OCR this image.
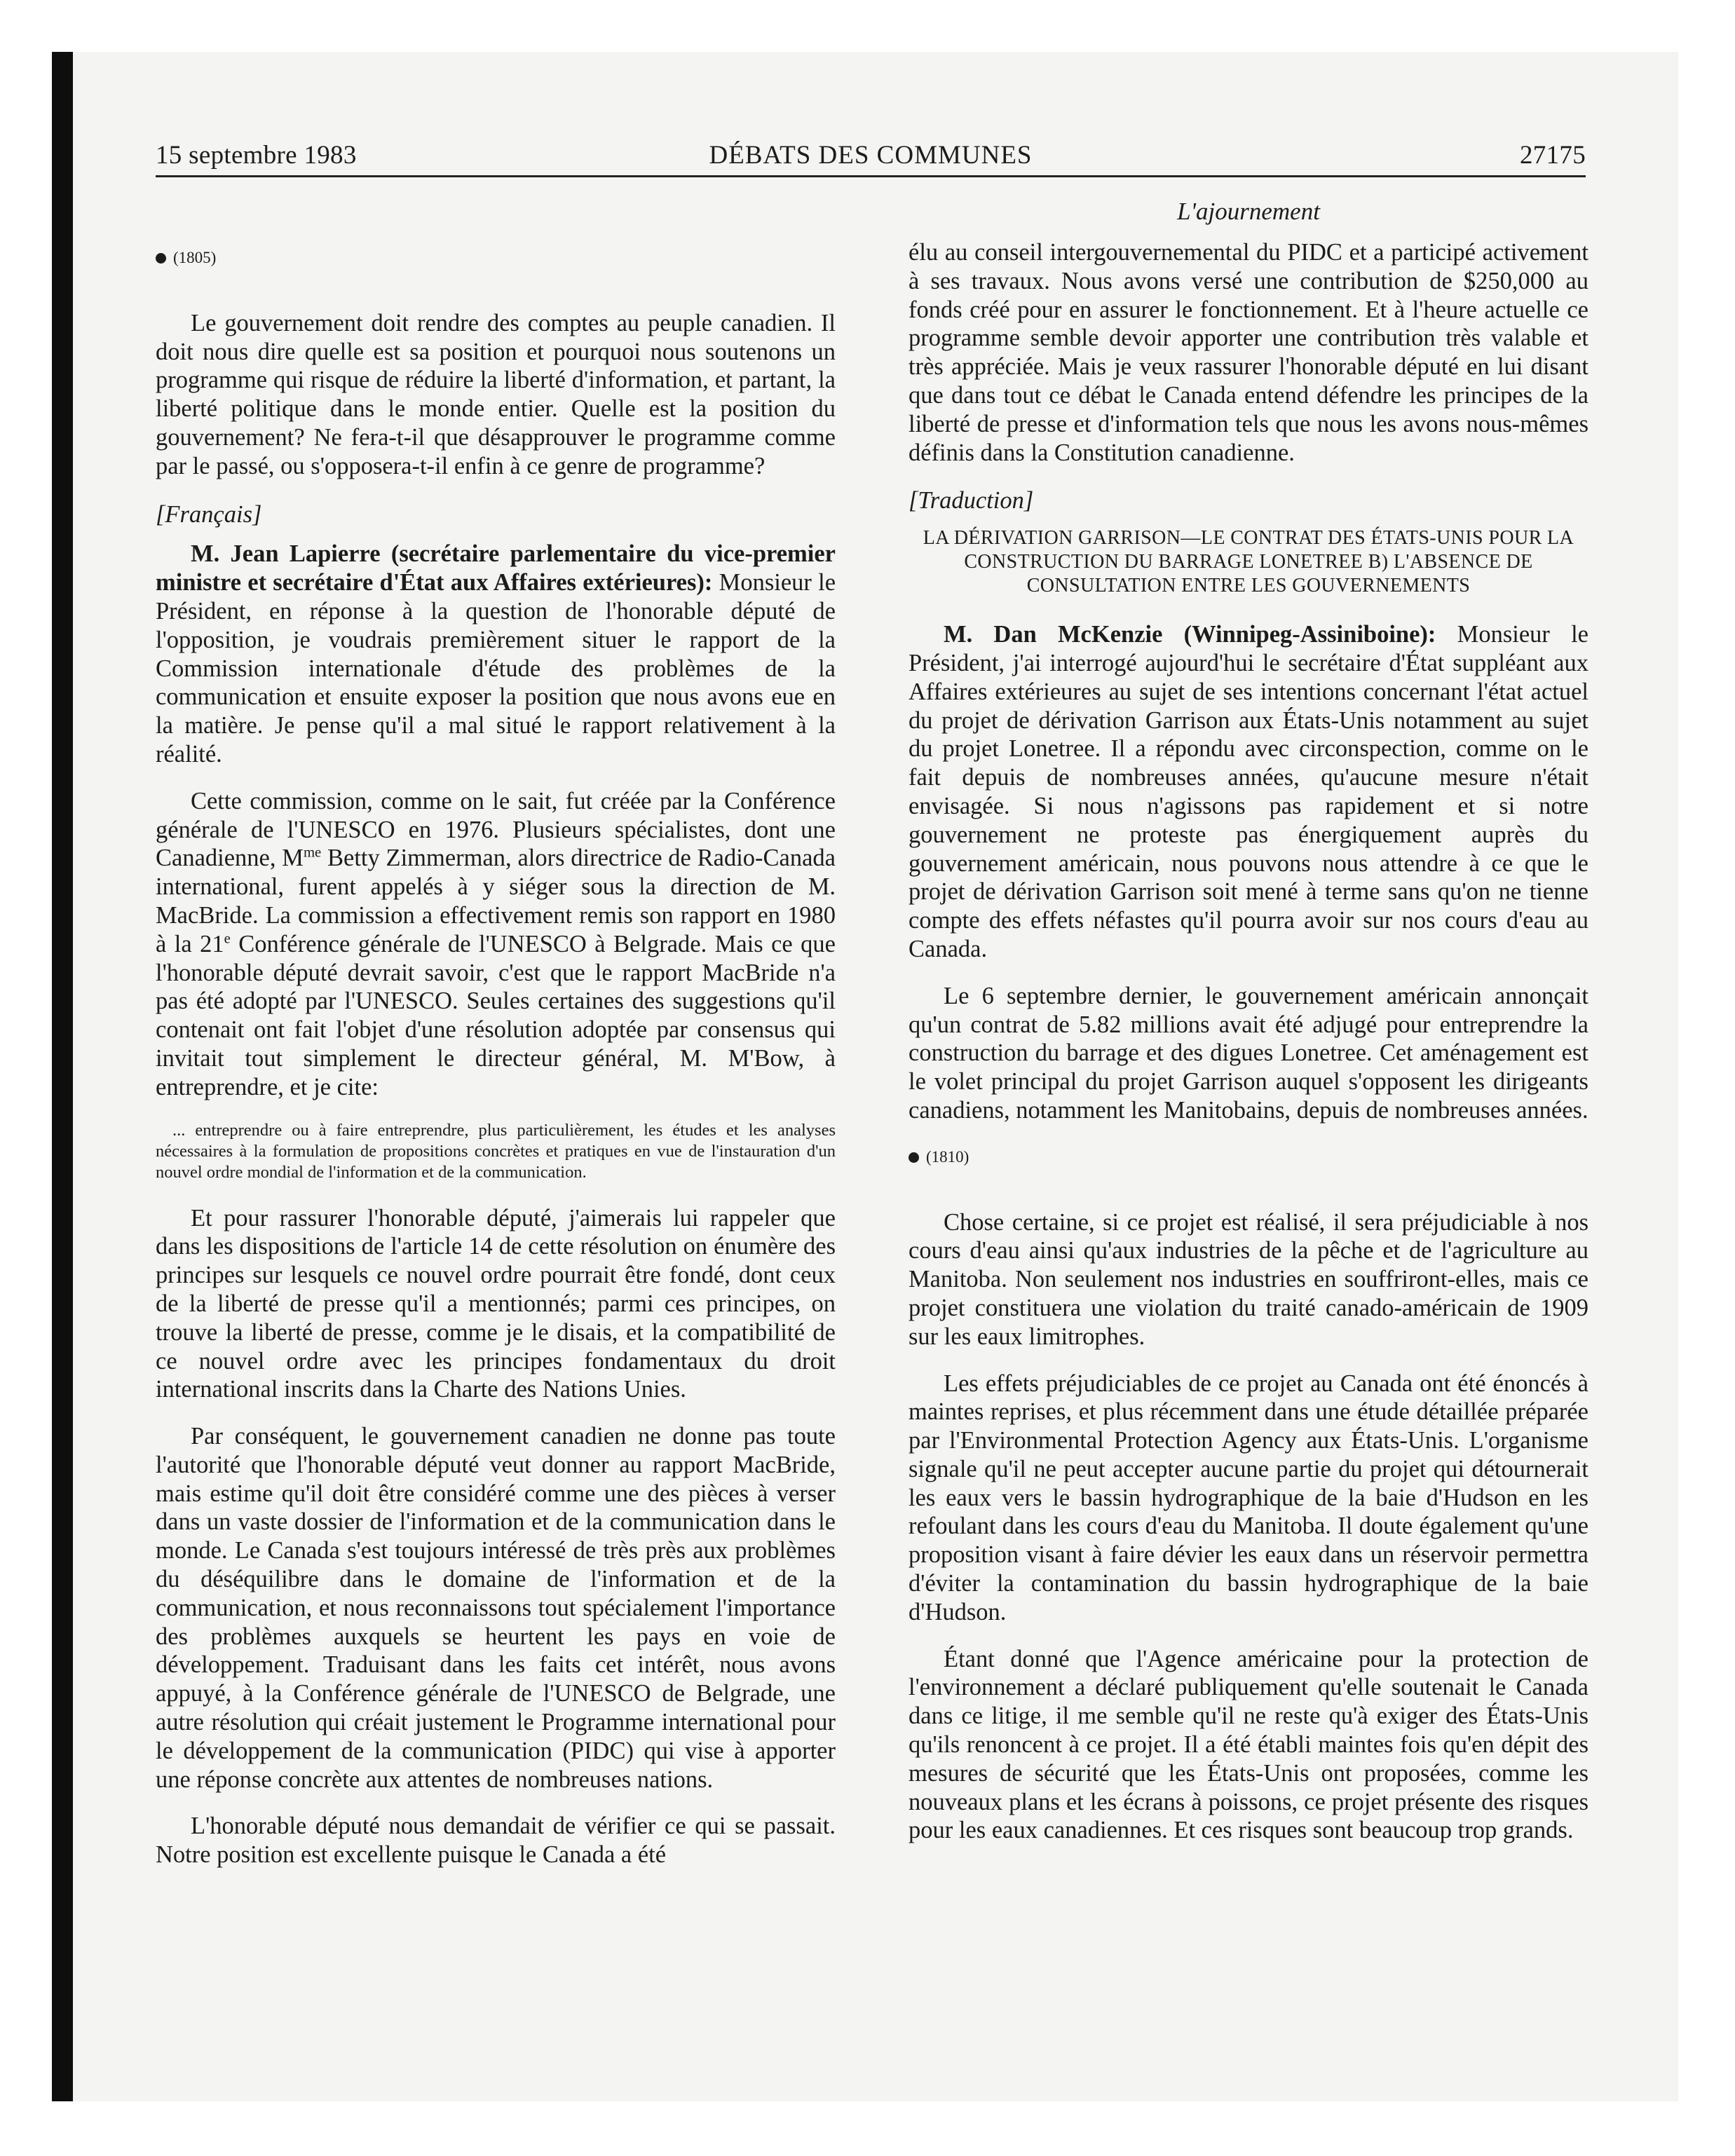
15 septembre 1983	DÉBATS DES COMMUNES	27175
L'ajournement
(1805)

Le gouvernement doit rendre des comptes au peuple canadien. Il doit nous dire quelle est sa position et pourquoi nous soutenons un programme qui risque de réduire la liberté d'information, et partant, la liberté politique dans le monde entier. Quelle est la position du gouvernement? Ne fera-t-il que désapprouver le programme comme par le passé, ou s'opposera-t-il enfin à ce genre de programme?

[Français]

M. Jean Lapierre (secrétaire parlementaire du vice-premier ministre et secrétaire d'État aux Affaires extérieures): Monsieur le Président, en réponse à la question de l'honorable député de l'opposition, je voudrais premièrement situer le rapport de la Commission internationale d'étude des problèmes de la communication et ensuite exposer la position que nous avons eue en la matière. Je pense qu'il a mal situé le rapport relativement à la réalité.

Cette commission, comme on le sait, fut créée par la Conférence générale de l'UNESCO en 1976. Plusieurs spécialistes, dont une Canadienne, $M^{me}$ Betty Zimmerman, alors directrice de Radio-Canada international, furent appelés à y siéger sous la direction de M. MacBride. La commission a effectivement remis son rapport en 1980 à la 21e Conférence générale de l'UNESCO à Belgrade. Mais ce que l'honorable député devrait savoir, c'est que le rapport MacBride n'a pas été adopté par l'UNESCO. Seules certaines des suggestions qu'il contenait ont fait l'objet d'une résolution adoptée par consensus qui invitait tout simplement le directeur général, M. M'Bow, à entreprendre, et je cite:

... entreprendre ou à faire entreprendre, plus particulièrement, les études et les analyses nécessaires à la formulation de propositions concrètes et pratiques en vue de l'instauration d'un nouvel ordre mondial de l'information et de la communication.

Et pour rassurer l'honorable député, j'aimerais lui rappeler que dans les dispositions de l'article 14 de cette résolution on énumère des principes sur lesquels ce nouvel ordre pourrait être fondé, dont ceux de la liberté de presse qu'il a mentionnés; parmi ces principes, on trouve la liberté de presse, comme je le disais, et la compatibilité de ce nouvel ordre avec les principes fondamentaux du droit international inscrits dans la Charte des Nations Unies.

Par conséquent, le gouvernement canadien ne donne pas toute l'autorité que l'honorable député veut donner au rapport MacBride, mais estime qu'il doit être considéré comme une des pièces à verser dans un vaste dossier de l'information et de la communication dans le monde. Le Canada s'est toujours intéressé de très près aux problèmes du déséquilibre dans le domaine de l'information et de la communication, et nous reconnaissons tout spécialement l'importance des problèmes auxquels se heurtent les pays en voie de développement. Traduisant dans les faits cet intérêt, nous avons appuyé, à la Conférence générale de l'UNESCO de Belgrade, une autre résolution qui créait justement le Programme international pour le développement de la communication (PIDC) qui vise à apporter une réponse concrète aux attentes de nombreuses nations.

L'honorable député nous demandait de vérifier ce qui se passait. Notre position est excellente puisque le Canada a été

élu au conseil intergouvernemental du PIDC et a participé activement à ses travaux. Nous avons versé une contribution de $250,000 au fonds créé pour en assurer le fonctionnement. Et à l'heure actuelle ce programme semble devoir apporter une contribution très valable et très appréciée. Mais je veux rassurer l'honorable député en lui disant que dans tout ce débat le Canada entend défendre les principes de la liberté de presse et d'information tels que nous les avons nous-mêmes définis dans la Constitution canadienne.

[Traduction]

LA DÉRIVATION GARRISON—LE CONTRAT DES ÉTATS-UNIS POUR LA CONSTRUCTION DU BARRAGE LONETREE B) L'ABSENCE DE CONSULTATION ENTRE LES GOUVERNEMENTS

M. Dan McKenzie (Winnipeg-Assiniboine): Monsieur le Président, j'ai interrogé aujourd'hui le secrétaire d'État suppléant aux Affaires extérieures au sujet de ses intentions concernant l'état actuel du projet de dérivation Garrison aux États-Unis notamment au sujet du projet Lonetree. Il a répondu avec circonspection, comme on le fait depuis de nombreuses années, qu'aucune mesure n'était envisagée. Si nous n'agissons pas rapidement et si notre gouvernement ne proteste pas énergiquement auprès du gouvernement américain, nous pouvons nous attendre à ce que le projet de dérivation Garrison soit mené à terme sans qu'on ne tienne compte des effets néfastes qu'il pourra avoir sur nos cours d'eau au Canada.

Le 6 septembre dernier, le gouvernement américain annonçait qu'un contrat de 5.82 millions avait été adjugé pour entreprendre la construction du barrage et des digues Lonetree. Cet aménagement est le volet principal du projet Garrison auquel s'opposent les dirigeants canadiens, notamment les Manitobains, depuis de nombreuses années.

(1810)

Chose certaine, si ce projet est réalisé, il sera préjudiciable à nos cours d'eau ainsi qu'aux industries de la pêche et de l'agriculture au Manitoba. Non seulement nos industries en souffriront-elles, mais ce projet constituera une violation du traité canado-américain de 1909 sur les eaux limitrophes.

Les effets préjudiciables de ce projet au Canada ont été énoncés à maintes reprises, et plus récemment dans une étude détaillée préparée par l'Environmental Protection Agency aux États-Unis. L'organisme signale qu'il ne peut accepter aucune partie du projet qui détournerait les eaux vers le bassin hydrographique de la baie d'Hudson en les refoulant dans les cours d'eau du Manitoba. Il doute également qu'une proposition visant à faire dévier les eaux dans un réservoir permettra d'éviter la contamination du bassin hydrographique de la baie d'Hudson.

Étant donné que l'Agence américaine pour la protection de l'environnement a déclaré publiquement qu'elle soutenait le Canada dans ce litige, il me semble qu'il ne reste qu'à exiger des États-Unis qu'ils renoncent à ce projet. Il a été établi maintes fois qu'en dépit des mesures de sécurité que les États-Unis ont proposées, comme les nouveaux plans et les écrans à poissons, ce projet présente des risques pour les eaux canadiennes. Et ces risques sont beaucoup trop grands.
